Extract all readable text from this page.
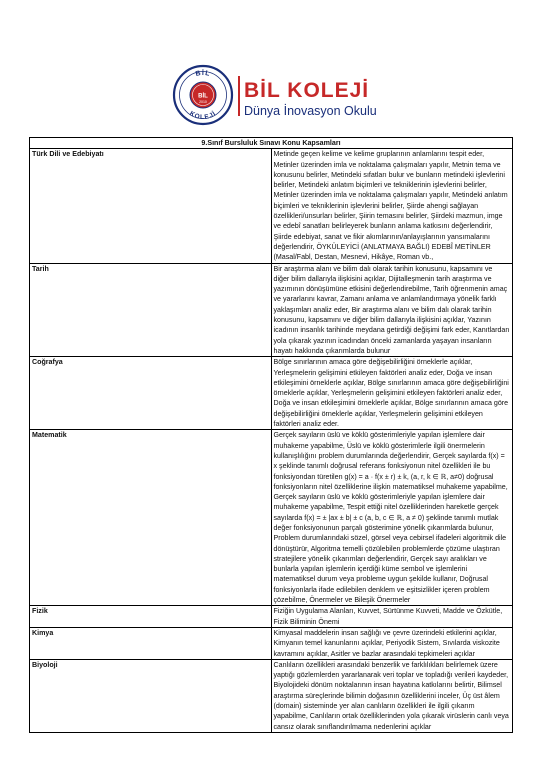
BİL
KOLEJİ
BİL
2010 BİL KOLEJİ
Dünya İnovasyon Okulu
9.Sınıf Bursluluk Sınavı Konu Kapsamları	
Türk Dili ve Edebiyatı	Metinde geçen kelime ve kelime gruplarının anlamlarını tespit eder, Metinler üzerinden imla ve noktalama çalışmaları yapılır, Metnin tema ve konusunu belirler, Metindeki sıfatları bulur ve bunların metindeki işlevlerini belirler, Metindeki anlatım biçimleri ve tekniklerinin işlevlerini belirler, Metinler üzerinden imla ve noktalama çalışmaları yapılır, Metindeki anlatım biçimleri ve tekniklerinin işlevlerini belirler, Şiirde ahengi sağlayan özellikleri/unsurları belirler, Şiirin temasını belirler, Şiirdeki mazmun, imge ve edebî sanatları belirleyerek bunların anlama katkısını değerlendirir, Şiirde edebiyat, sanat ve fikir akımlarının/anlayışlarının yansımalarını değerlendirir, ÖYKÜLEYİCİ (ANLATMAYA BAĞLI) EDEBÎ METİNLER (Masal/Fabl, Destan, Mesnevi, Hikâye, Roman vb.,
Tarih	Bir araştırma alanı ve bilim dalı olarak tarihin konusunu, kapsamını ve diğer bilim dallarıyla ilişkisini açıklar, Dijitalleşmenin tarih araştırma ve yazımının dönüşümüne etkisini değerlendirebilme, Tarih öğrenmenin amaç ve yararlarını kavrar, Zamanı anlama ve anlamlandırmaya yönelik farklı yaklaşımları analiz eder, Bir araştırma alanı ve bilim dalı olarak tarihin konusunu, kapsamını ve diğer bilim dallarıyla ilişkisini açıklar, Yazının icadının insanlık tarihinde meydana getirdiği değişimi fark eder, Kanıtlardan yola çıkarak yazının icadından önceki zamanlarda yaşayan insanların hayatı hakkında çıkarımlarda bulunur
Coğrafya	Bölge sınırlarının amaca göre değişebilirliğini örneklerle açıklar, Yerleşmelerin gelişimini etkileyen faktörleri analiz eder, Doğa ve insan etkileşimini örneklerle açıklar, Bölge sınırlarının amaca göre değişebilirliğini örneklerle açıklar, Yerleşmelerin gelişimini etkileyen faktörleri analiz eder, Doğa ve insan etkileşimini örneklerle açıklar, Bölge sınırlarının amaca göre değişebilirliğini örneklerle açıklar, Yerleşmelerin gelişimini etkileyen faktörleri analiz eder.
Matematik	Gerçek sayıların üslü ve köklü gösterimleriyle yapılan işlemlere dair muhakeme yapabilme, Üslü ve köklü gösterimlerle ilgili önermelerin kullanışlılığını problem durumlarında değerlendirir, Gerçek sayılarda f(x) = x şeklinde tanımlı doğrusal referans fonksiyonun nitel özellikleri ile bu fonksiyondan türetilen g(x) = a · f(x ± r) ± k, (a, r, k ∈ ℝ, a≠0) doğrusal fonksiyonların nitel özelliklerine ilişkin matematiksel muhakeme yapabilme, Gerçek sayıların üslü ve köklü gösterimleriyle yapılan işlemlere dair muhakeme yapabilme, Tespit ettiği nitel özelliklerinden hareketle gerçek sayılarda f(x) = ± |ax ± b| ± c (a, b, c ∈ ℝ, a ≠ 0) şeklinde tanımlı mutlak değer fonksiyonunun parçalı gösterimine yönelik çıkarımlarda bulunur, Problem durumlarındaki sözel, görsel veya cebirsel ifadeleri algoritmik dile dönüştürür, Algoritma temelli çözülebilen problemlerde çözüme ulaştıran stratejilere yönelik çıkarımları değerlendirir, Gerçek sayı aralıkları ve bunlarla yapılan işlemlerin içerdiği küme sembol ve işlemlerini matematiksel durum veya probleme uygun şekilde kullanır, Doğrusal fonksiyonlarla ifade edilebilen denklem ve eşitsizlikler içeren problem çözebilme, Önermeler ve Bileşik Önermeler
Fizik	Fiziğin Uygulama Alanları, Kuvvet, Sürtünme Kuvveti, Madde ve Özkütle, Fizik Biliminin Önemi
Kimya	Kimyasal maddelerin insan sağlığı ve çevre üzerindeki etkilerini açıklar, Kimyanın temel kanunlarını açıklar, Periyodik Sistem, Sıvılarda viskozite kavramını açıklar, Asitler ve bazlar arasındaki tepkimeleri açıklar
Biyoloji	Canlıların özellikleri arasındaki benzerlik ve farklılıkları belirlemek üzere yaptığı gözlemlerden yararlanarak veri toplar ve topladığı verileri kaydeder, Biyolojideki dönüm noktalarının insan hayatına katkılarını belirtir, Bilimsel araştırma süreçlerinde bilimin doğasının özelliklerini inceler, Üç üst âlem (domain) sisteminde yer alan canlıların özellikleri ile ilgili çıkarım yapabilme, Canlıların ortak özelliklerinden yola çıkarak virüslerin canlı veya cansız olarak sınıflandırılmama nedenlerini açıklar
